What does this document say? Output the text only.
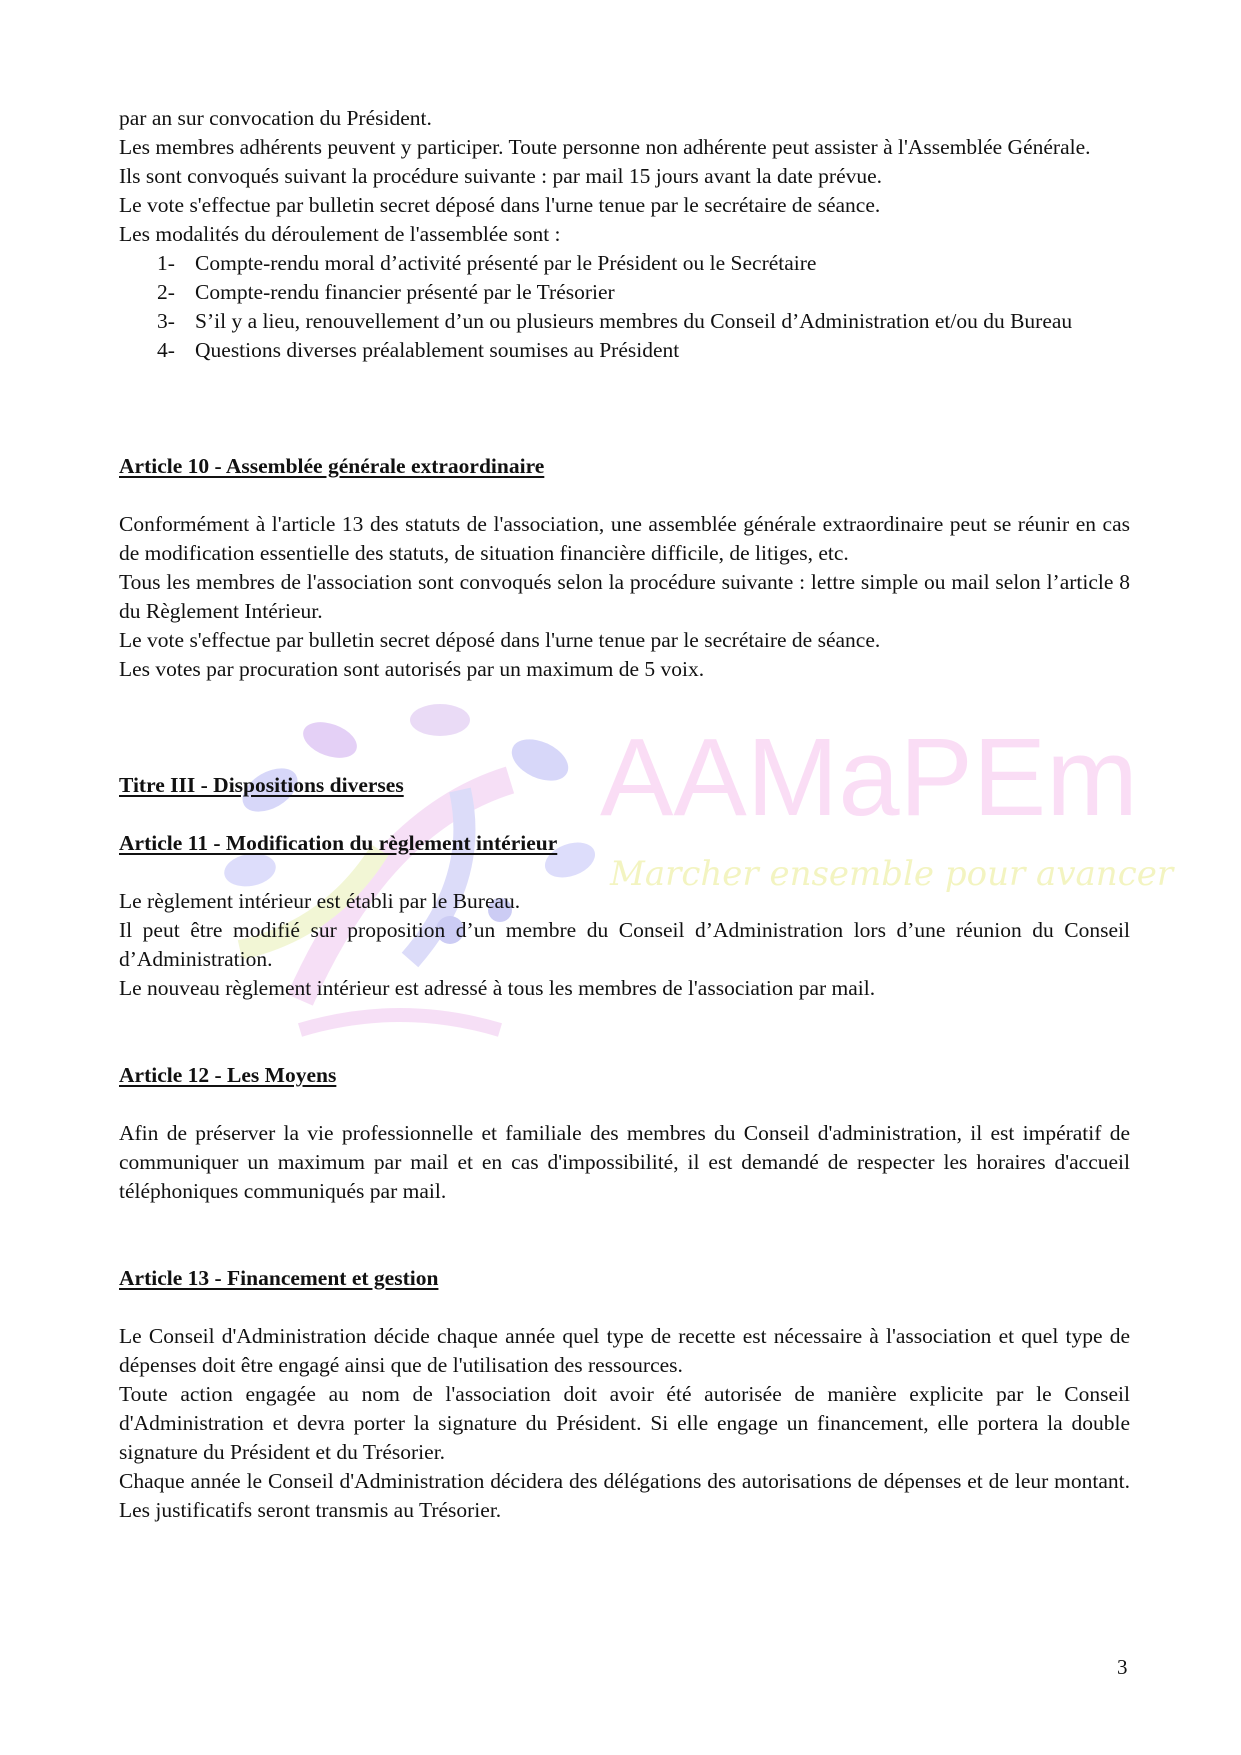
AAMaPEm
Marcher ensemble pour avancer

par an sur convocation du Président.

Les membres adhérents peuvent y participer. Toute personne non adhérente peut assister à l'Assemblée Générale.

Ils sont convoqués suivant la procédure suivante : par mail 15 jours avant la date prévue.

Le vote s'effectue par bulletin secret déposé dans l'urne tenue par le secrétaire de séance.

Les modalités du déroulement de l'assemblée sont :

1- Compte-rendu moral d’activité présenté par le Président ou le Secrétaire
2- Compte-rendu financier présenté par le Trésorier
3- S’il y a lieu, renouvellement d’un ou plusieurs membres du Conseil d’Administration et/ou du Bureau
4- Questions diverses préalablement soumises au Président
Article 10 - Assemblée générale extraordinaire

Conformément à l'article 13 des statuts de l'association, une assemblée générale extraordinaire peut se réunir en cas de modification essentielle des statuts, de situation financière difficile, de litiges, etc.

Tous les membres de l'association sont convoqués selon la procédure suivante : lettre simple ou mail selon l’article 8 du Règlement Intérieur.

Le vote s'effectue par bulletin secret déposé dans l'urne tenue par le secrétaire de séance.

Les votes par procuration sont autorisés par un maximum de 5 voix.

Titre III - Dispositions diverses
Article 11 - Modification du règlement intérieur

Le règlement intérieur est établi par le Bureau.

Il peut être modifié sur proposition d’un membre du Conseil d’Administration lors d’une réunion du Conseil d’Administration.

Le nouveau règlement intérieur est adressé à tous les membres de l'association par mail.

Article 12 - Les Moyens

Afin de préserver la vie professionnelle et familiale des membres du Conseil d'administration, il est impératif de communiquer un maximum par mail et en cas d'impossibilité, il est demandé de respecter les horaires d'accueil téléphoniques communiqués par mail.

Article 13 - Financement et gestion

Le Conseil d'Administration décide chaque année quel type de recette est nécessaire à l'association et quel type de dépenses doit être engagé ainsi que de l'utilisation des ressources.

Toute action engagée au nom de l'association doit avoir été autorisée de manière explicite par le Conseil d'Administration et devra porter la signature du Président. Si elle engage un financement, elle portera la double signature du Président et du Trésorier.

Chaque année le Conseil d'Administration décidera des délégations des autorisations de dépenses et de leur montant. Les justificatifs seront transmis au Trésorier.

3
